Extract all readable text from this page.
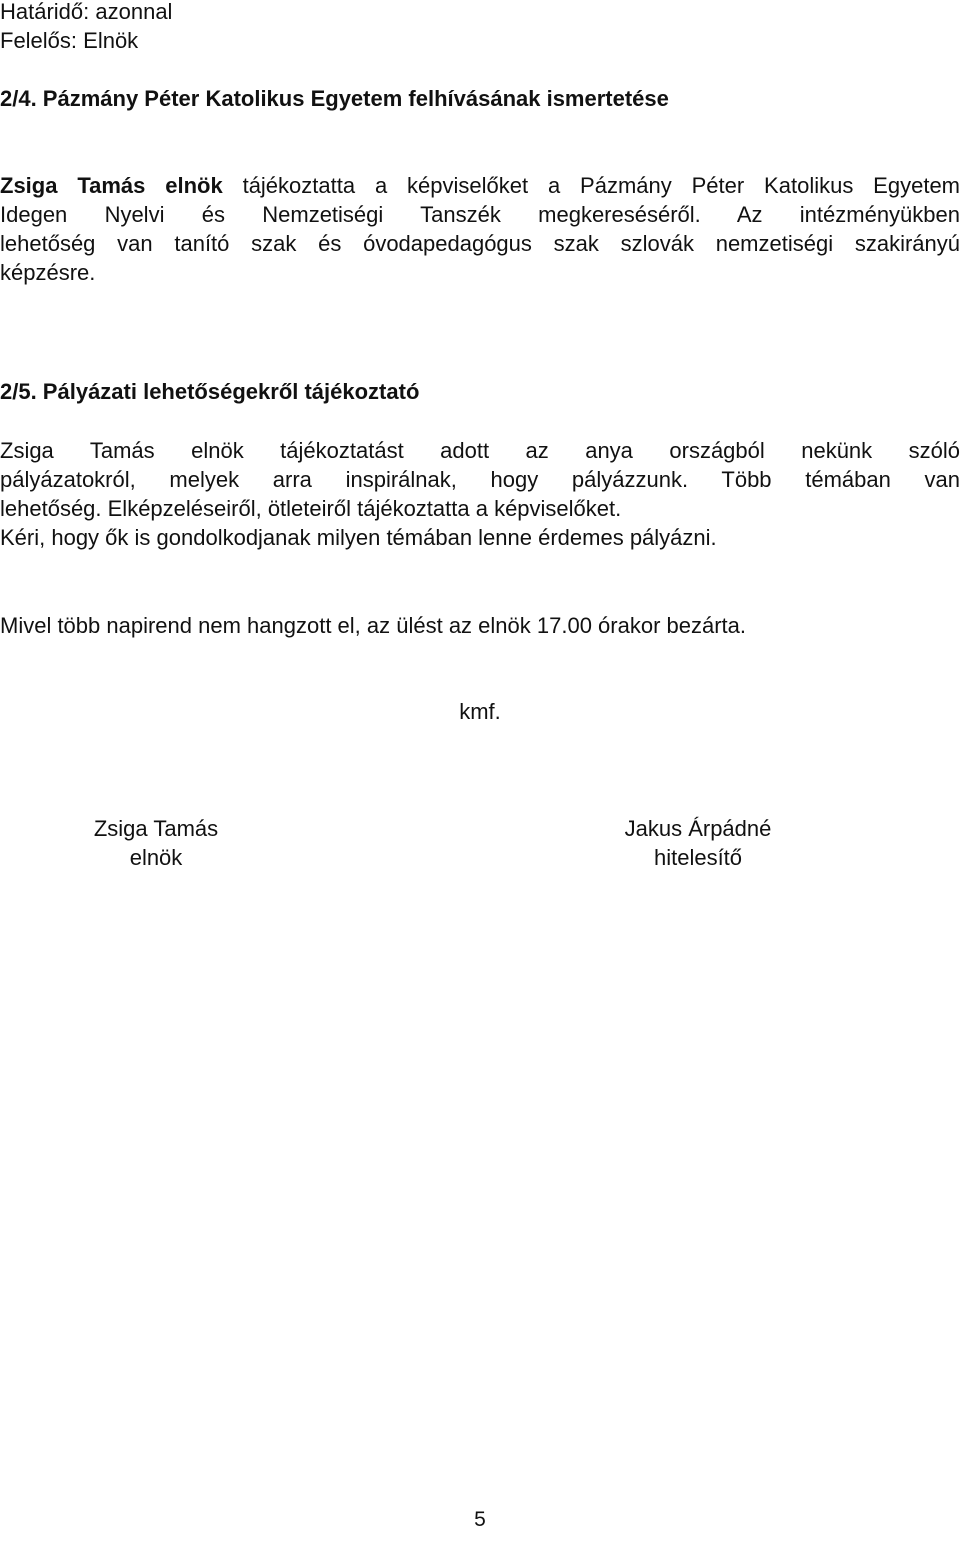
Határidő: azonnal
Felelős: Elnök
2/4. Pázmány Péter Katolikus Egyetem felhívásának ismertetése
Zsiga Tamás elnök tájékoztatta a képviselőket a Pázmány Péter Katolikus Egyetem
Idegen Nyelvi és Nemzetiségi Tanszék megkereséséről. Az intézményükben
lehetőség van tanító szak és óvodapedagógus szak szlovák nemzetiségi szakirányú
képzésre.
2/5. Pályázati lehetőségekről tájékoztató
Zsiga Tamás elnök tájékoztatást adott az anya országból nekünk szóló
pályázatokról, melyek arra inspirálnak, hogy pályázzunk. Több témában van
lehetőség. Elképzeléseiről, ötleteiről tájékoztatta a képviselőket.
Kéri, hogy ők is gondolkodjanak milyen témában lenne érdemes pályázni.
Mivel több napirend nem hangzott el, az ülést az elnök 17.00 órakor bezárta.
kmf.
Zsiga Tamás
elnök
Jakus Árpádné
hitelesítő
5
